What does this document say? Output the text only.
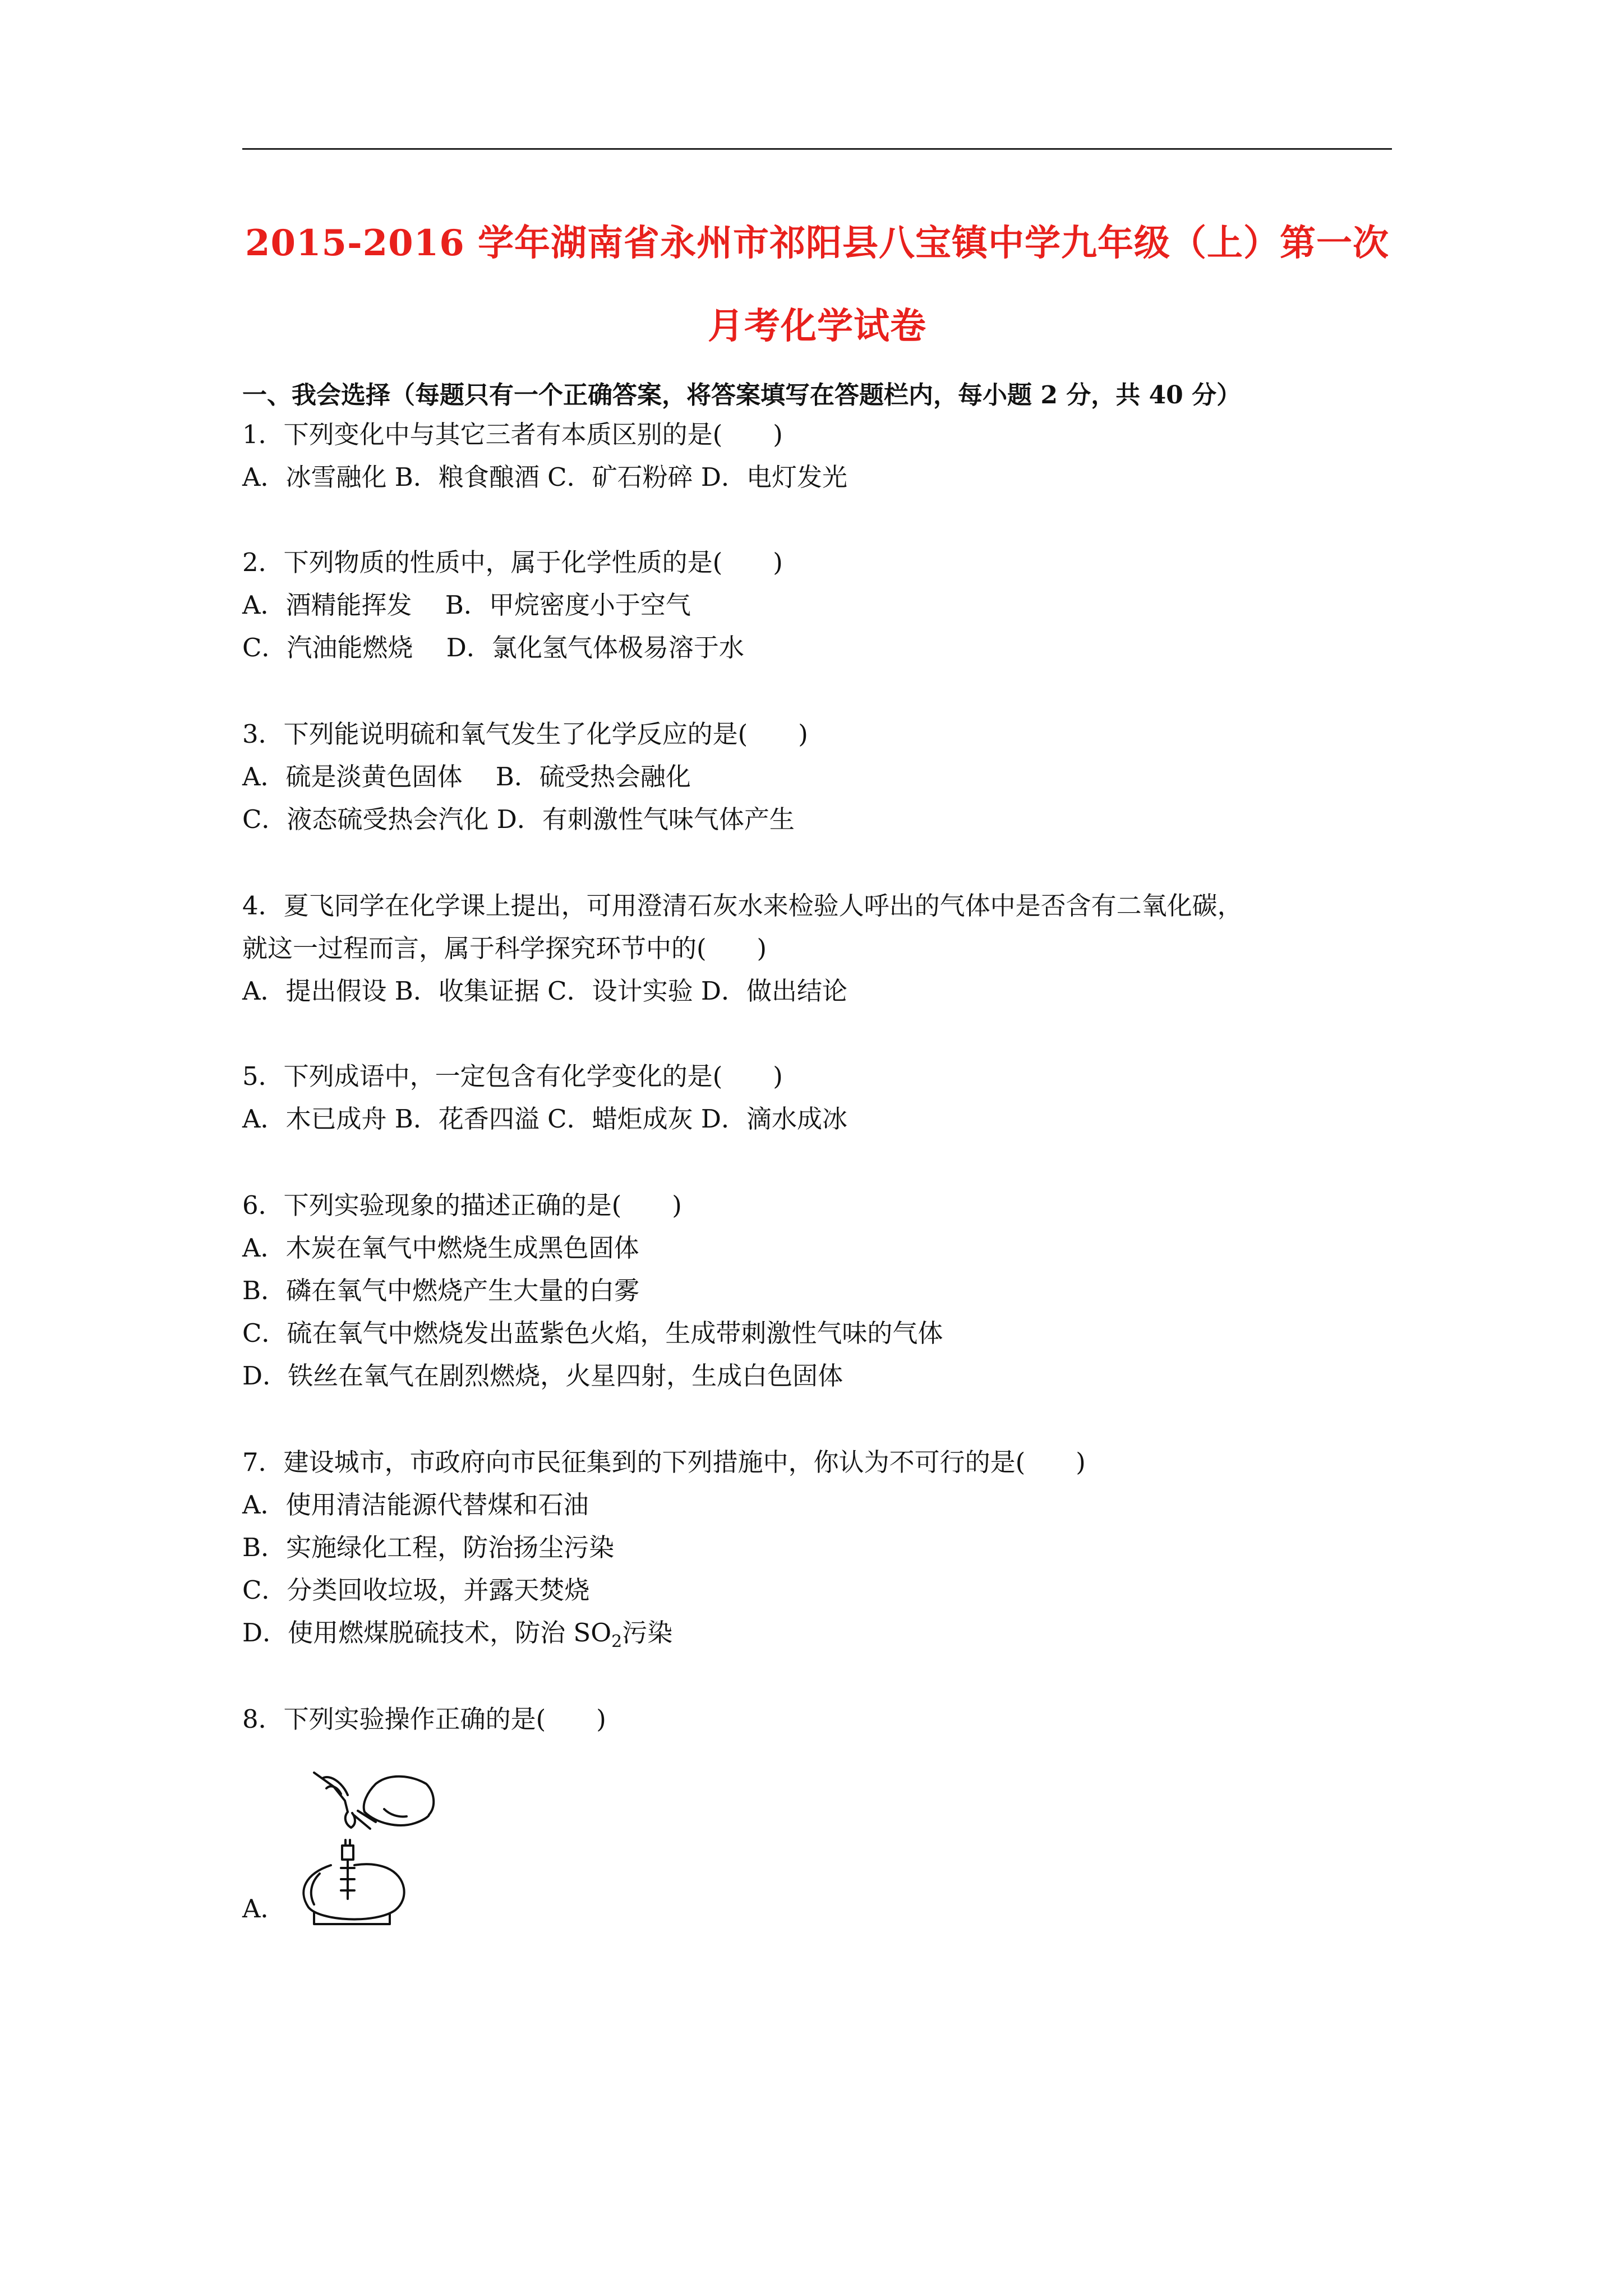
2015-2016 学年湖南省永州市祁阳县八宝镇中学九年级（上）第一次
月考化学试卷
一、我会选择（每题只有一个正确答案，将答案填写在答题栏内，每小题 2 分，共 40 分）
1．下列变化中与其它三者有本质区别的是(　　)
A．冰雪融化 B．粮食酿酒 C．矿石粉碎 D．电灯发光
2．下列物质的性质中，属于化学性质的是(　　)
A．酒精能挥发　 B．甲烷密度小于空气
C．汽油能燃烧　 D．氯化氢气体极易溶于水
3．下列能说明硫和氧气发生了化学反应的是(　　)
A．硫是淡黄色固体　 B．硫受热会融化
C．液态硫受热会汽化 D．有刺激性气味气体产生
4．夏飞同学在化学课上提出，可用澄清石灰水来检验人呼出的气体中是否含有二氧化碳，
就这一过程而言，属于科学探究环节中的(　　)
A．提出假设 B．收集证据 C．设计实验 D．做出结论
5．下列成语中，一定包含有化学变化的是(　　)
A．木已成舟 B．花香四溢 C．蜡炬成灰 D．滴水成冰
6．下列实验现象的描述正确的是(　　)
A．木炭在氧气中燃烧生成黑色固体
B．磷在氧气中燃烧产生大量的白雾
C．硫在氧气中燃烧发出蓝紫色火焰，生成带刺激性气味的气体
D．铁丝在氧气在剧烈燃烧，火星四射，生成白色固体
7．建设城市，市政府向市民征集到的下列措施中，你认为不可行的是(　　)
A．使用清洁能源代替煤和石油
B．实施绿化工程，防治扬尘污染
C．分类回收垃圾，并露天焚烧
D．使用燃煤脱硫技术，防治 $SO_2$污染
8．下列实验操作正确的是(　　)
A．
